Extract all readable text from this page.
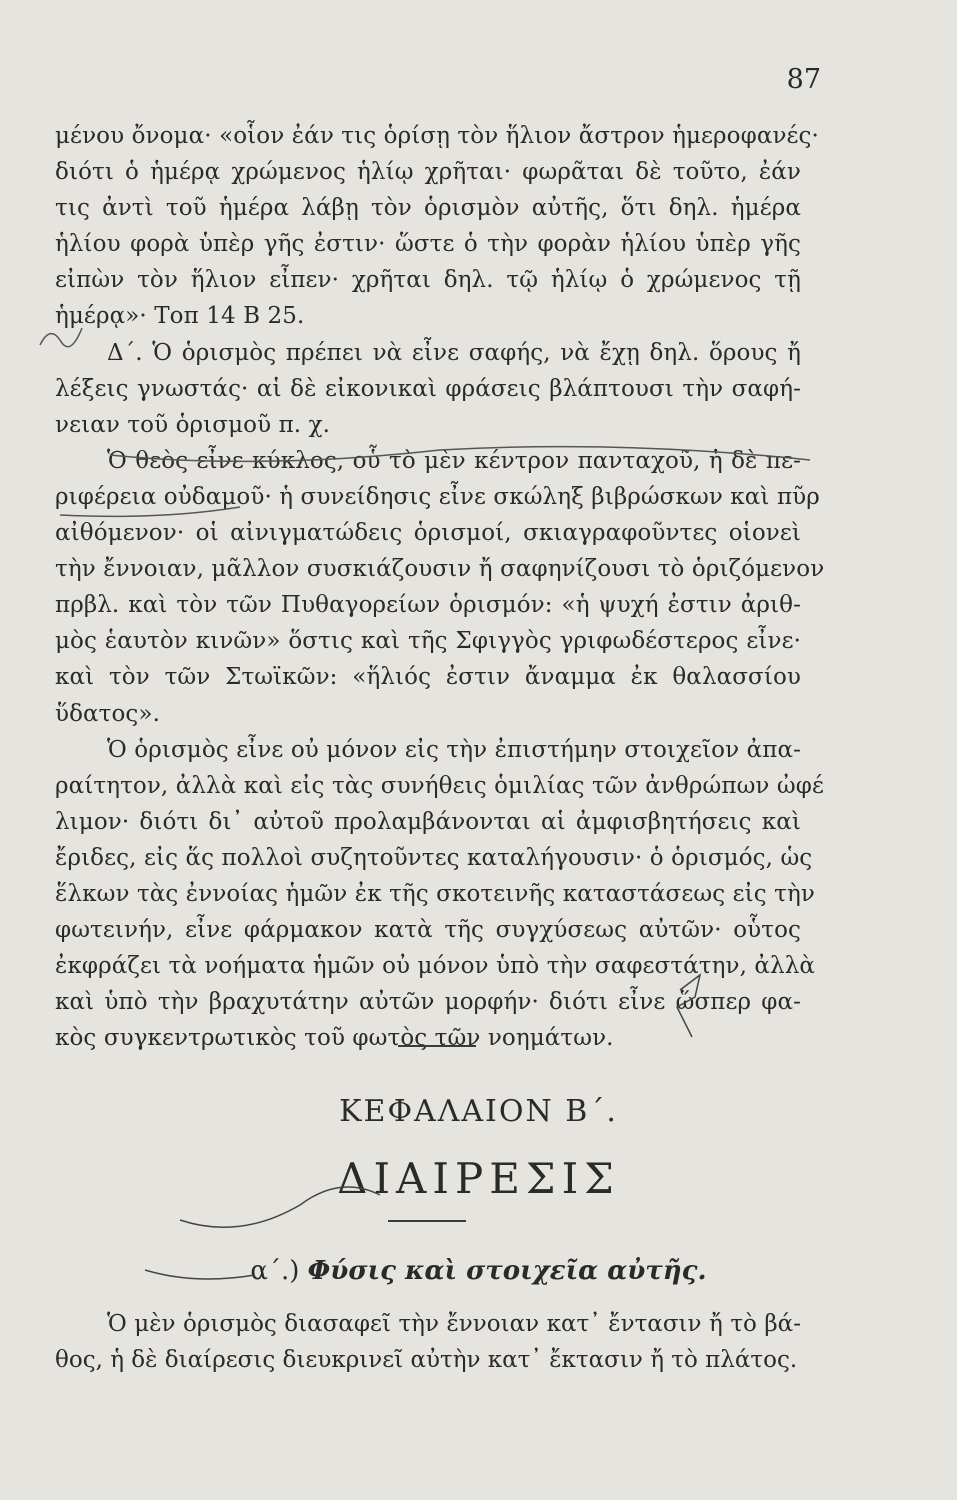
87
μένου ὄνομα· «οἷον ἐάν τις ὁρίσῃ τὸν ἥλιον ἄστρον ἡμεροφανές·
διότι ὁ ἡμέρᾳ χρώμενος ἡλίῳ χρῆται· φωρᾶται δὲ τοῦτο, ἐάν
τις ἀντὶ τοῦ ἡμέρα λάβῃ τὸν ὁρισμὸν αὐτῆς, ὅτι δηλ. ἡμέρα
ἡλίου φορὰ ὑπὲρ γῆς ἐστιν· ὥστε ὁ τὴν φορὰν ἡλίου ὑπὲρ γῆς
εἰπὼν τὸν ἥλιον εἶπεν· χρῆται δηλ. τῷ ἡλίῳ ὁ χρώμενος τῇ
ἡμέρᾳ»· Τοπ 14 Β 25.
Δ΄. Ὁ ὁρισμὸς πρέπει νὰ εἶνε σαφής, νὰ ἔχῃ δηλ. ὅρους ἤ
λέξεις γνωστάς· αἱ δὲ εἰκονικαὶ φράσεις βλάπτουσι τὴν σαφή-
νειαν τοῦ ὁρισμοῦ π. χ.
Ὁ θεὸς εἶνε κύκλος, οὗ τὸ μὲν κέντρον πανταχοῦ, ἡ δὲ πε-
ριφέρεια οὐδαμοῦ· ἡ συνείδησις εἶνε σκώληξ βιβρώσκων καὶ πῦρ
αἰθόμενον· οἱ αἰνιγματώδεις ὁρισμοί, σκιαγραφοῦντες οἱονεὶ
τὴν ἔννοιαν, μᾶλλον συσκιάζουσιν ἤ σαφηνίζουσι τὸ ὁριζόμενον
πρβλ. καὶ τὸν τῶν Πυθαγορείων ὁρισμόν: «ἡ ψυχή ἐστιν ἀριθ-
μὸς ἑαυτὸν κινῶν» ὅστις καὶ τῆς Σφιγγὸς γριφωδέστερος εἶνε·
καὶ τὸν τῶν Στωϊκῶν: «ἥλιός ἐστιν ἄναμμα ἐκ θαλασσίου
ὕδατος».
Ὁ ὁρισμὸς εἶνε οὐ μόνον εἰς τὴν ἐπιστήμην στοιχεῖον ἀπα-
ραίτητον, ἀλλὰ καὶ εἰς τὰς συνήθεις ὁμιλίας τῶν ἀνθρώπων ὠφέ
λιμον· διότι δι᾽ αὐτοῦ προλαμβάνονται αἱ ἀμφισβητήσεις καὶ
ἔριδες, εἰς ἅς πολλοὶ συζητοῦντες καταλήγουσιν· ὁ ὁρισμός, ὡς
ἕλκων τὰς ἐννοίας ἡμῶν ἐκ τῆς σκοτεινῆς καταστάσεως εἰς τὴν
φωτεινήν, εἶνε φάρμακον κατὰ τῆς συγχύσεως αὐτῶν· οὗτος
ἐκφράζει τὰ νοήματα ἡμῶν οὐ μόνον ὑπὸ τὴν σαφεστάτην, ἀλλὰ
καὶ ὑπὸ τὴν βραχυτάτην αὐτῶν μορφήν· διότι εἶνε ὥσπερ φα-
κὸς συγκεντρωτικὸς τοῦ φωτὸς τῶν νοημάτων.
ΚΕΦΑΛΑΙΟΝ Β΄.
ΔΙΑΙΡΕΣΙΣ
α΄.) Φύσις καὶ στοιχεῖα αὐτῆς.
Ὁ μὲν ὁρισμὸς διασαφεῖ τὴν ἔννοιαν κατ᾽ ἔντασιν ἤ τὸ βά-
θος, ἡ δὲ διαίρεσις διευκρινεῖ αὐτὴν κατ᾽ ἔκτασιν ἤ τὸ πλάτος.
